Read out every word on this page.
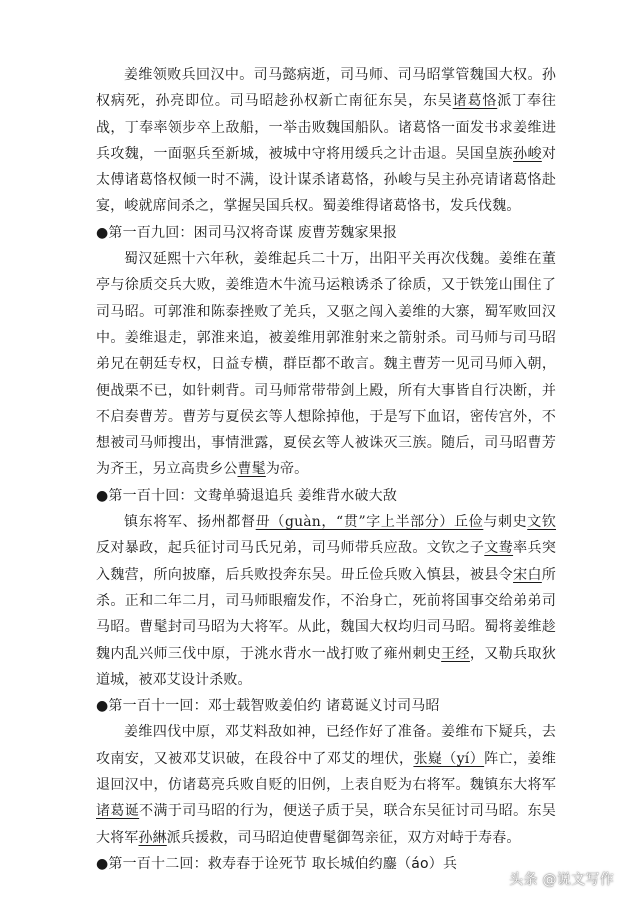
姜维领败兵回汉中。司马懿病逝，司马师、司马昭掌管魏国大权。孙权病死，孙亮即位。司马昭趁孙权新亡南征东吴，东吴诸葛恪派丁奉往战，丁奉率领步卒上敌船，一举击败魏国船队。诸葛恪一面发书求姜维进兵攻魏，一面驱兵至新城，被城中守将用缓兵之计击退。吴国皇族孙峻对太傅诸葛恪权倾一时不满，设计谋杀诸葛恪，孙峻与吴主孙亮请诸葛恪赴宴，峻就席间杀之，掌握吴国兵权。蜀姜维得诸葛恪书，发兵伐魏。

●第一百九回：困司马汉将奇谋 废曹芳魏家果报

蜀汉延熙十六年秋，姜维起兵二十万，出阳平关再次伐魏。姜维在董亭与徐质交兵大败，姜维造木牛流马运粮诱杀了徐质，又于铁笼山围住了司马昭。可郭淮和陈泰挫败了羌兵，又驱之闯入姜维的大寨，蜀军败回汉中。姜维退走，郭淮来追，被姜维用郭淮射来之箭射杀。司马师与司马昭弟兄在朝廷专权，日益专横，群臣都不敢言。魏主曹芳一见司马师入朝，便战栗不已，如针刺背。司马师常带带剑上殿，所有大事皆自行决断，并不启奏曹芳。曹芳与夏侯玄等人想除掉他，于是写下血诏，密传宫外，不想被司马师搜出，事情泄露，夏侯玄等人被诛灭三族。随后，司马昭曹芳为齐王，另立高贵乡公曹髦为帝。

●第一百十回：文鸯单骑退追兵 姜维背水破大敌

镇东将军、扬州都督毌（guàn，“贯”字上半部分）丘俭与刺史文钦反对暴政，起兵征讨司马氏兄弟，司马师带兵应敌。文钦之子文鸯率兵突入魏营，所向披靡，后兵败投奔东吴。毌丘俭兵败入慎县，被县令宋白所杀。正和二年二月，司马师眼瘤发作，不治身亡，死前将国事交给弟弟司马昭。曹髦封司马昭为大将军。从此，魏国大权均归司马昭。蜀将姜维趁魏内乱兴师三伐中原，于洮水背水一战打败了雍州刺史王经，又勒兵取狄道城，被邓艾设计杀败。

●第一百十一回：邓士载智败姜伯约 诸葛诞义讨司马昭

姜维四伐中原，邓艾料敌如神，已经作好了准备。姜维布下疑兵，去攻南安，又被邓艾识破，在段谷中了邓艾的埋伏，张嶷（yí）阵亡，姜维退回汉中，仿诸葛亮兵败自贬的旧例，上表自贬为右将军。魏镇东大将军诸葛诞不满于司马昭的行为，便送子质于吴，联合东吴征讨司马昭。东吴大将军孙綝派兵援救，司马昭迫使曹髦御驾亲征，双方对峙于寿春。

●第一百十二回：救寿春于诠死节 取长城伯约鏖（áo）兵

头条 @说文写作
